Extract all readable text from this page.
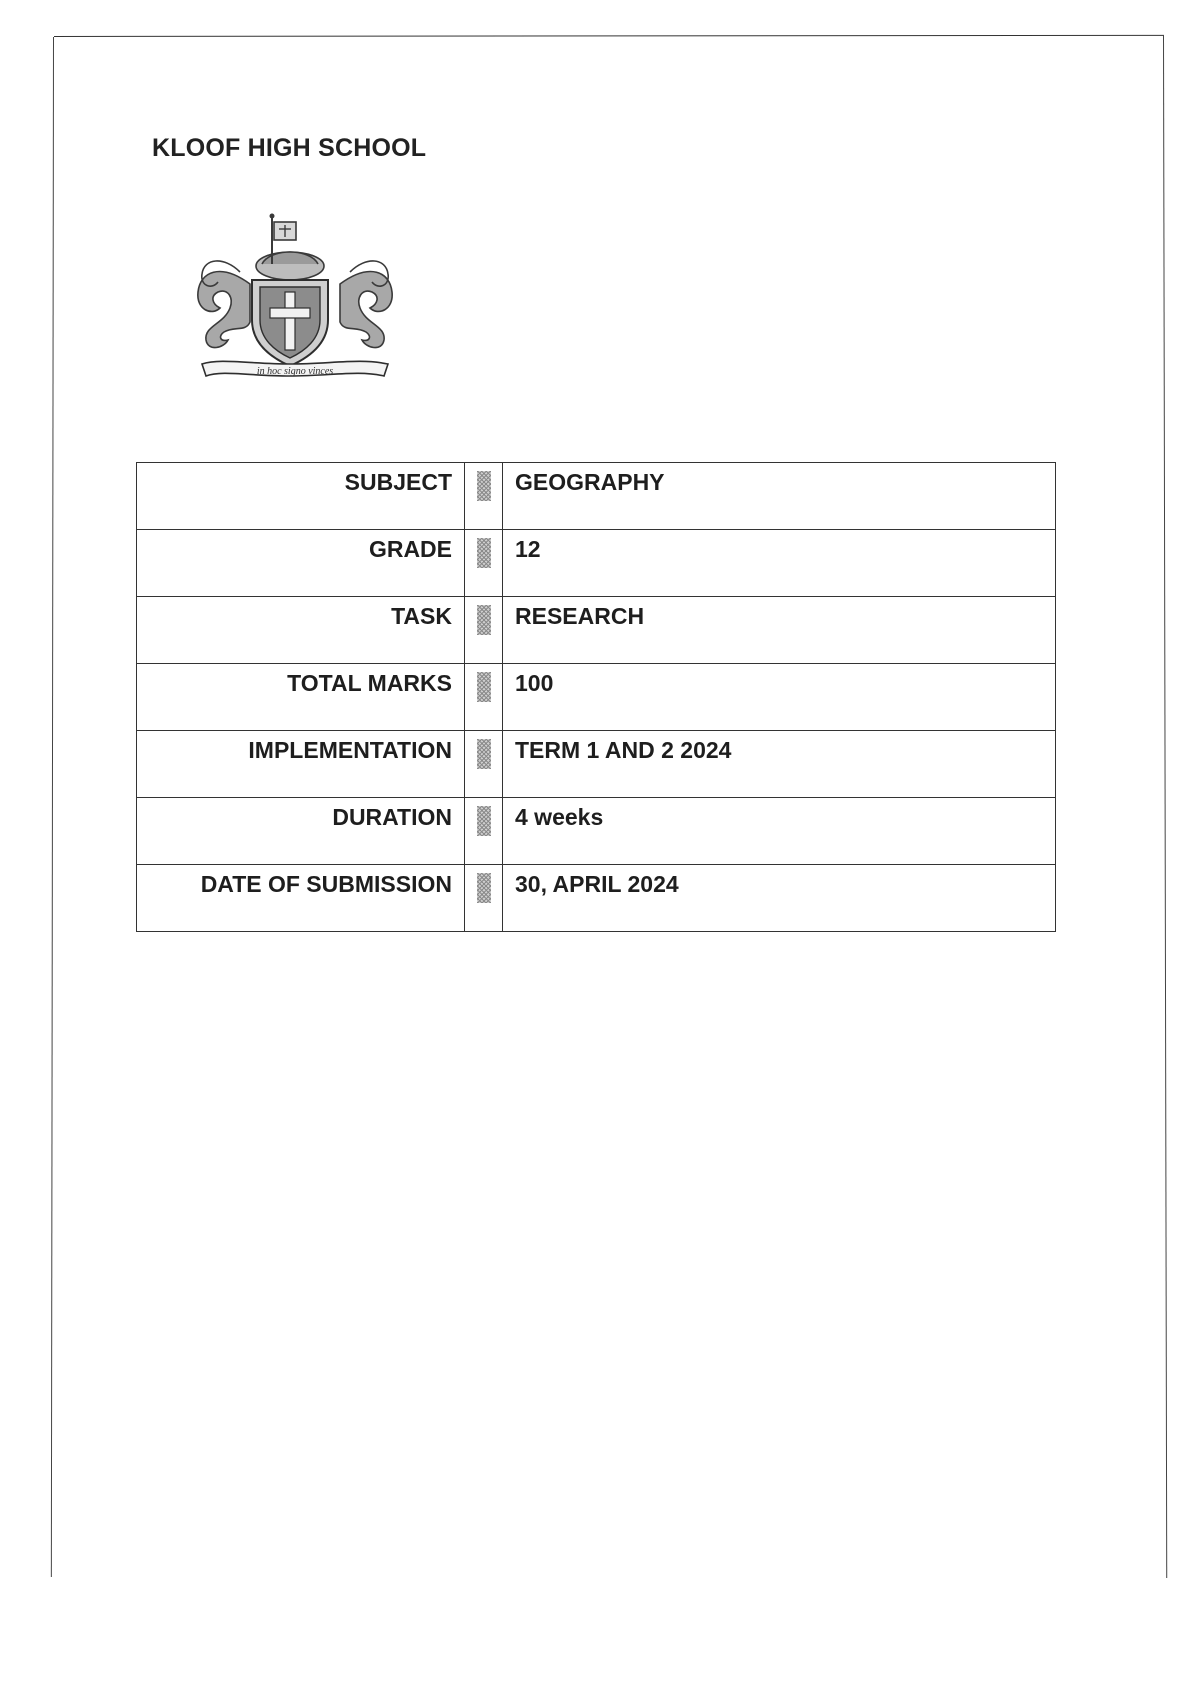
KLOOF HIGH SCHOOL
in hoc signo vinces
SUBJECT		GEOGRAPHY
GRADE		12
TASK		RESEARCH
TOTAL MARKS		100
IMPLEMENTATION		TERM 1 AND 2 2024
DURATION		4 weeks
DATE OF SUBMISSION		30, APRIL 2024
